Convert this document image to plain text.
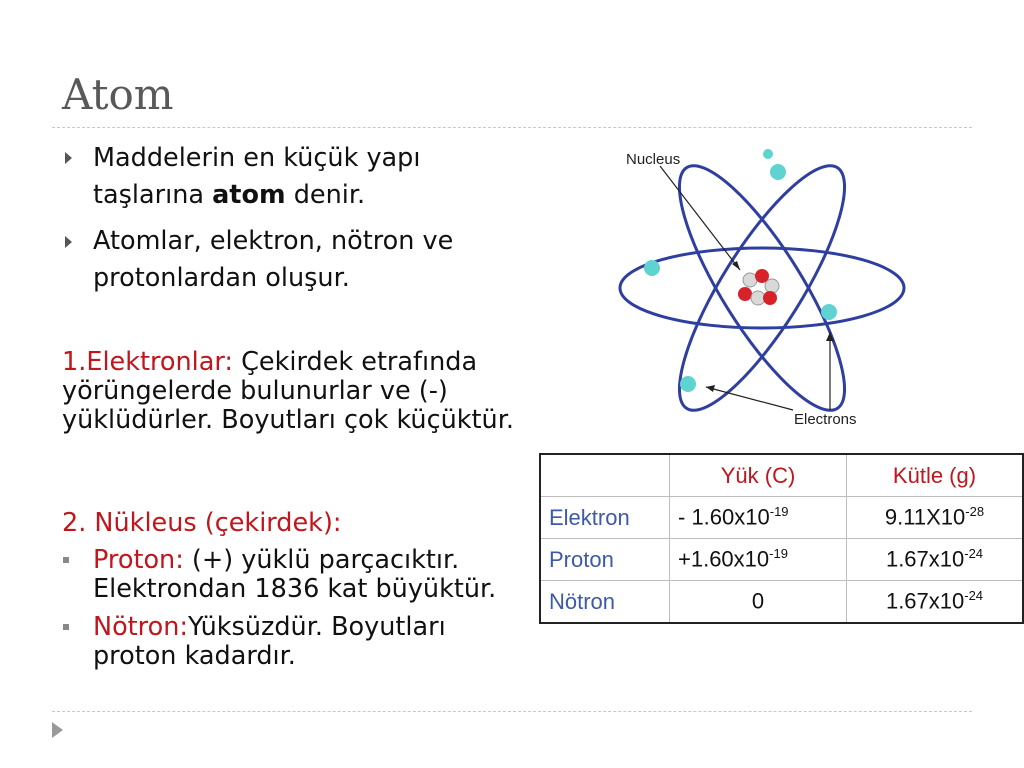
Atom
Maddelerin en küçük yapı
taşlarına atom denir.
Atomlar, elektron, nötron ve
protonlardan oluşur.
1.Elektronlar: Çekirdek etrafında yörüngelerde bulunurlar ve (-) yüklüdürler. Boyutları çok küçüktür.
2. Nükleus (çekirdek):
Proton: (+) yüklü parçacıktır. Elektrondan 1836 kat büyüktür.
Nötron:Yüksüzdür. Boyutları proton kadardır.
Nucleus
Electrons
	Yük (C)	Kütle (g)
Elektron	- $1.60x10^{-19}$	$9.11X10^{-28}$
Proton	$+1.60x10^{-19}$	$1.67x10^{-24}$
Nötron	0	$1.67x10^{-24}$
